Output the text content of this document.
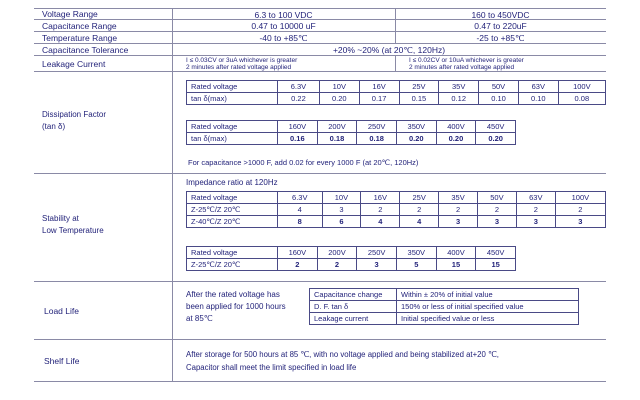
Voltage Range	6.3 to 100 VDC	160 to 450VDC
Capacitance Range	0.47 to 10000 uF	0.47 to 220uF
Temperature Range	-40 to +85℃	-25 to +85℃
Capacitance Tolerance	+20% ~20% (at 20℃, 120Hz)
Leakage Current	I ≤ 0.03CV or 3uA whichever is greater
2 minutes after rated voltage applied
I ≤ 0.02CV or 10uA whichever is greater
2 minutes after rated voltage applied
Dissipation Factor
(tan δ)
Rated voltage	6.3V	10V	16V	25V	35V	50V	63V	100V
tan δ(max)	0.22	0.20	0.17	0.15	0.12	0.10	0.10	0.08
Rated voltage	160V	200V	250V	350V	400V	450V
tan δ(max)	0.16	0.18	0.18	0.20	0.20	0.20
For capacitance >1000 F, add 0.02 for every 1000 F (at 20℃, 120Hz)
Stability at
Low Temperature
Impedance ratio at 120Hz
Rated voltage	6.3V	10V	16V	25V	35V	50V	63V	100V
Z-25℃/Z 20℃	4	3	2	2	2	2	2	2
Z-40℃/Z 20℃	8	6	4	4	3	3	3	3
Rated voltage	160V	200V	250V	350V	400V	450V
Z-25℃/Z 20℃	2	2	3	5	15	15
Load Life
After the rated voltage has
been applied for 1000 hours
at 85℃
Capacitance change	Within ± 20% of initial value
D. F. tan δ	150% or less of initial specified value
Leakage current	Initial specified value or less
Shelf Life
After storage for 500 hours at 85 ℃, with no voltage applied and being stabilized at+20 ℃,
Capacitor shall meet the limit specified in load life
